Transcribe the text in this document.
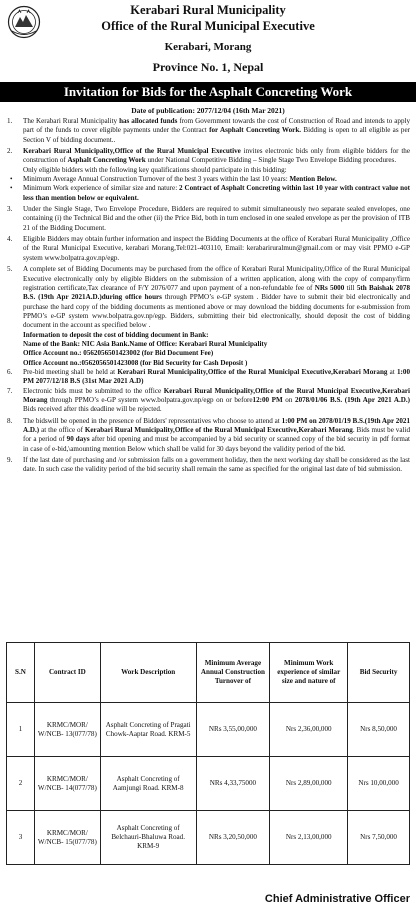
Kerabari Rural Municipality
Office of the Rural Municipal Executive
Kerabari, Morang
Province No. 1, Nepal
Invitation for Bids for the Asphalt Concreting Work
Date of publication: 2077/12/04 (16th Mar 2021)

1. The Kerabari Rural Municipality has allocated funds from Government towards the cost of Construction of Road and intends to apply part of the funds to cover eligible payments under the Contract for Asphalt Concreting Work. Bidding is open to all eligible as per Section V of bidding document..

2. Kerabari Rural Municipality,Office of the Rural Municipal Executive invites electronic bids only from eligible bidders for the construction of Asphalt Concreting Work under National Competitive Bidding – Single Stage Two Envelope Bidding procedures.

Only eligible bidders with the following key qualifications should participate in this bidding:

• Minimum Average Annual Construction Turnover of the best 3 years within the last 10 years: Mention Below.

• Minimum Work experience of similar size and nature: 2 Contract of Asphalt Concreting within last 10 year with contract value not less than mention below or equivalent.

3. Under the Single Stage, Two Envelope Procedure, Bidders are required to submit simultaneously two separate sealed envelopes, one containing (i) the Technical Bid and the other (ii) the Price Bid, both in turn enclosed in one sealed envelope as per the provision of ITB 21 of the Bidding Document.

4. Eligible Bidders may obtain further information and inspect the Bidding Documents at the office of Kerabari Rural Municipality ,Office of the Rural Municipal Executive, kerabari Morang,Tel:021-403110, Email: kerabariruralmun@gmail.com or may visit PPMO e-GP system www.bolpatra.gov.np/egp.

5. A complete set of Bidding Documents may be purchased from the office of Kerabari Rural Municipality,Office of the Rural Municipal Executive electronically only by eligible Bidders on the submission of a written application, along with the copy of company/firm registration certificate,Tax clearance of F/Y 2076/077 and upon payment of a non-refundable fee of NRs 5000 till 5th Baishak 2078 B.S. (19th Apr 2021A.D.)during office hours through PPMO’s e-GP system . Bidder have to submit their bid electronically and purchase the hard copy of the bidding documents as mentioned above or may download the bidding documents for e-submission from PPMO’s e-GP system www.bolpatra.gov.np/egp. Bidders, submitting their bid electronically, should deposit the cost of bidding document in the account as specified below .

Information to deposit the cost of bidding document in Bank:

Name of the Bank: NIC Asia Bank.Name of Office: Kerabari Rural Municipality

Office Account no.: 0562056501423002 (for Bid Document Fee)

Office Account no.:0562056501423008 (for Bid Security for Cash Deposit )

6. Pre-bid meeting shall be held at Kerabari Rural Municipality,Office of the Rural Municipal Executive,Kerabari Morang at 1:00 PM 2077/12/18 B.S (31st Mar 2021 A.D)

7. Electronic bids must be submitted to the office Kerabari Rural Municipality,Office of the Rural Municipal Executive,Kerabari Morang through PPMO’s e-GP system www.bolpatra.gov.np/egp on or before12:00 PM on 2078/01/06 B.S. (19th Apr 2021 A.D.) Bids received after this deadline will be rejected.

8. The bidswill be opened in the presence of Bidders' representatives who choose to attend at 1:00 PM on 2078/01/19 B.S.(19th Apr 2021 A.D.) at the office of Kerabari Rural Municipality,Office of the Rural Municipal Executive,Kerabari Morang. Bids must be valid for a period of 90 days after bid opening and must be accompanied by a bid security or scanned copy of the bid security in pdf format in case of e-bid,\amounting mention Below which shall be valid for 30 days beyond the validity period of the bid.

9. If the last date of purchasing and /or submission falls on a government holiday, then the next working day shall be considered as the last date. In such case the validity period of the bid security shall remain the same as specified for the original last date of bid submission.

S.N	Contract ID	Work Description	Minimum Average Annual Construction Turnover of	Minimum Work experience of similar size and nature of	Bid Security
1	KRMC/MOR/ W/NCB- 13(077/78)	Asphalt Concreting of Pragati Chowk-Aaptar Road. KRM-5	NRs 3,55,00,000	Nrs 2,36,00,000	Nrs 8,50,000
2	KRMC/MOR/ W/NCB- 14(077/78)	Asphalt Concreting of Aamjungi Road. KRM-8	NRs 4,33,75000	Nrs 2,89,00,000	Nrs 10,00,000
3	KRMC/MOR/ W/NCB- 15(077/78)	Asphalt Concreting of Belchauri-Bhaluwa Road. KRM-9	NRs 3,20,50,000	Nrs 2,13,00,000	Nrs 7,50,000
Chief Administrative Officer
